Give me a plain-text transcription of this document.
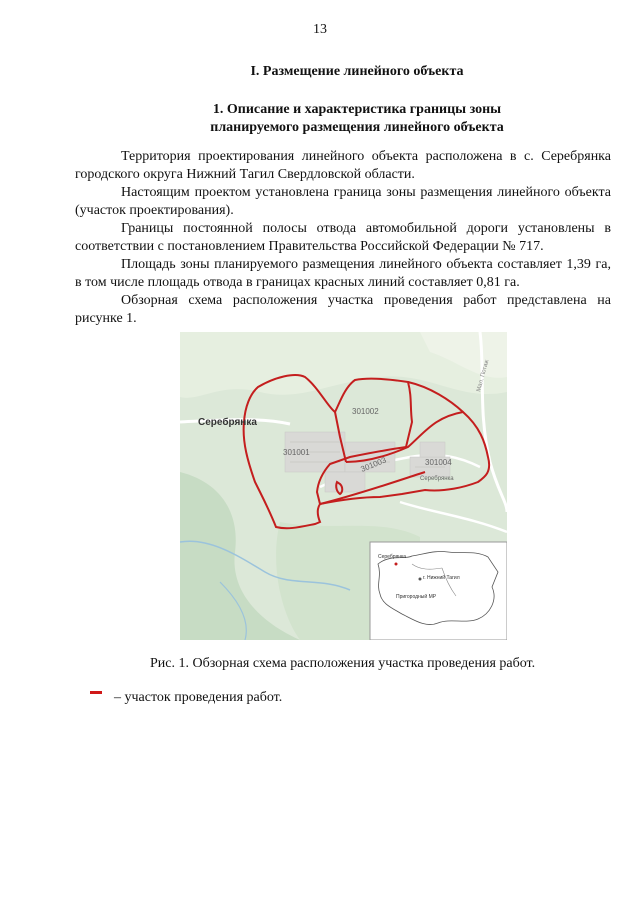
13
I. Размещение линейного объекта
1. Описание и характеристика границы зоны
планируемого размещения линейного объекта

Территория проектирования линейного объекта расположена в с. Серебрянка городского округа Нижний Тагил Свердловской области.

Настоящим проектом установлена граница зоны размещения линейного объекта (участок проектирования).

Границы постоянной полосы отвода автомобильной дороги установлены в соответствии с постановлением Правительства Российской Федерации № 717.

Площадь зоны планируемого размещения линейного объекта составляет 1,39 га, в том числе площадь отвода в границах красных линий составляет 0,81 га.

Обзорная схема расположения участка проведения работ представлена на рисунке 1.

Серебрянка
301001
301002
301003	301004
Серебрянка
Мал. Потаж
Серебрянка
г. Нижний Тагил
Пригородный МР
Рис. 1. Обзорная схема расположения участка проведения работ.
– участок проведения работ.
